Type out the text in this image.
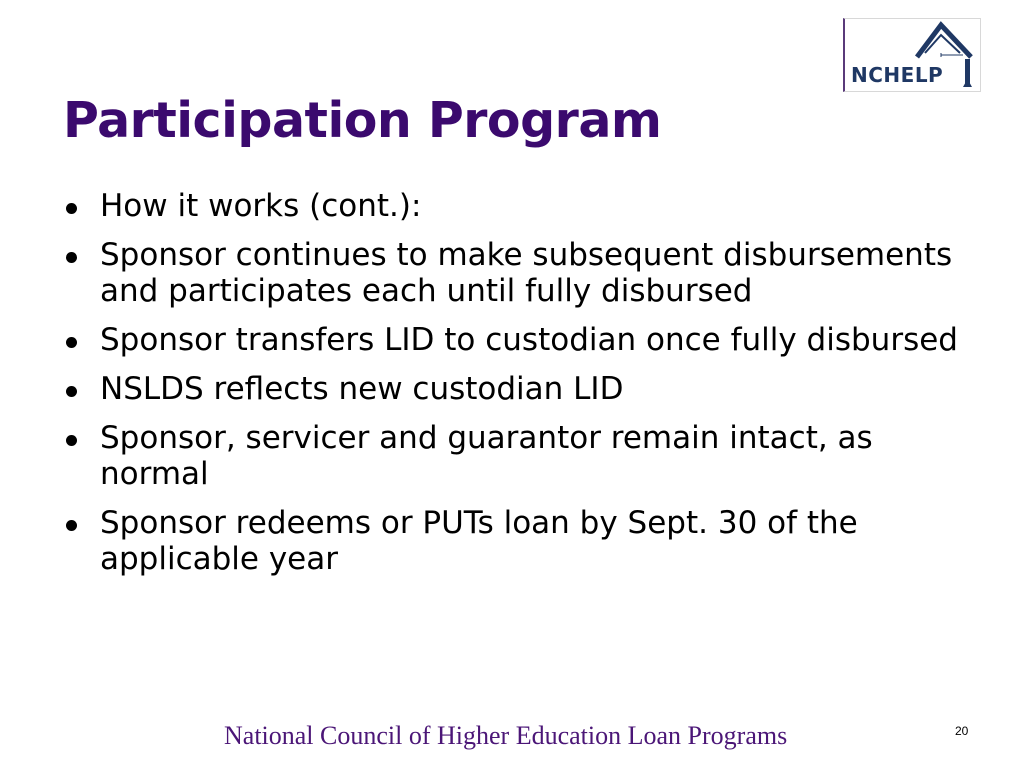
NCHELP
Participation Program
How it works (cont.):
Sponsor continues to make subsequent disbursements and participates each until fully disbursed
Sponsor transfers LID to custodian once fully disbursed
NSLDS reflects new custodian LID
Sponsor, servicer and guarantor remain intact, as normal
Sponsor redeems or PUTs loan by Sept. 30 of the applicable year
National Council of Higher Education Loan Programs	20
